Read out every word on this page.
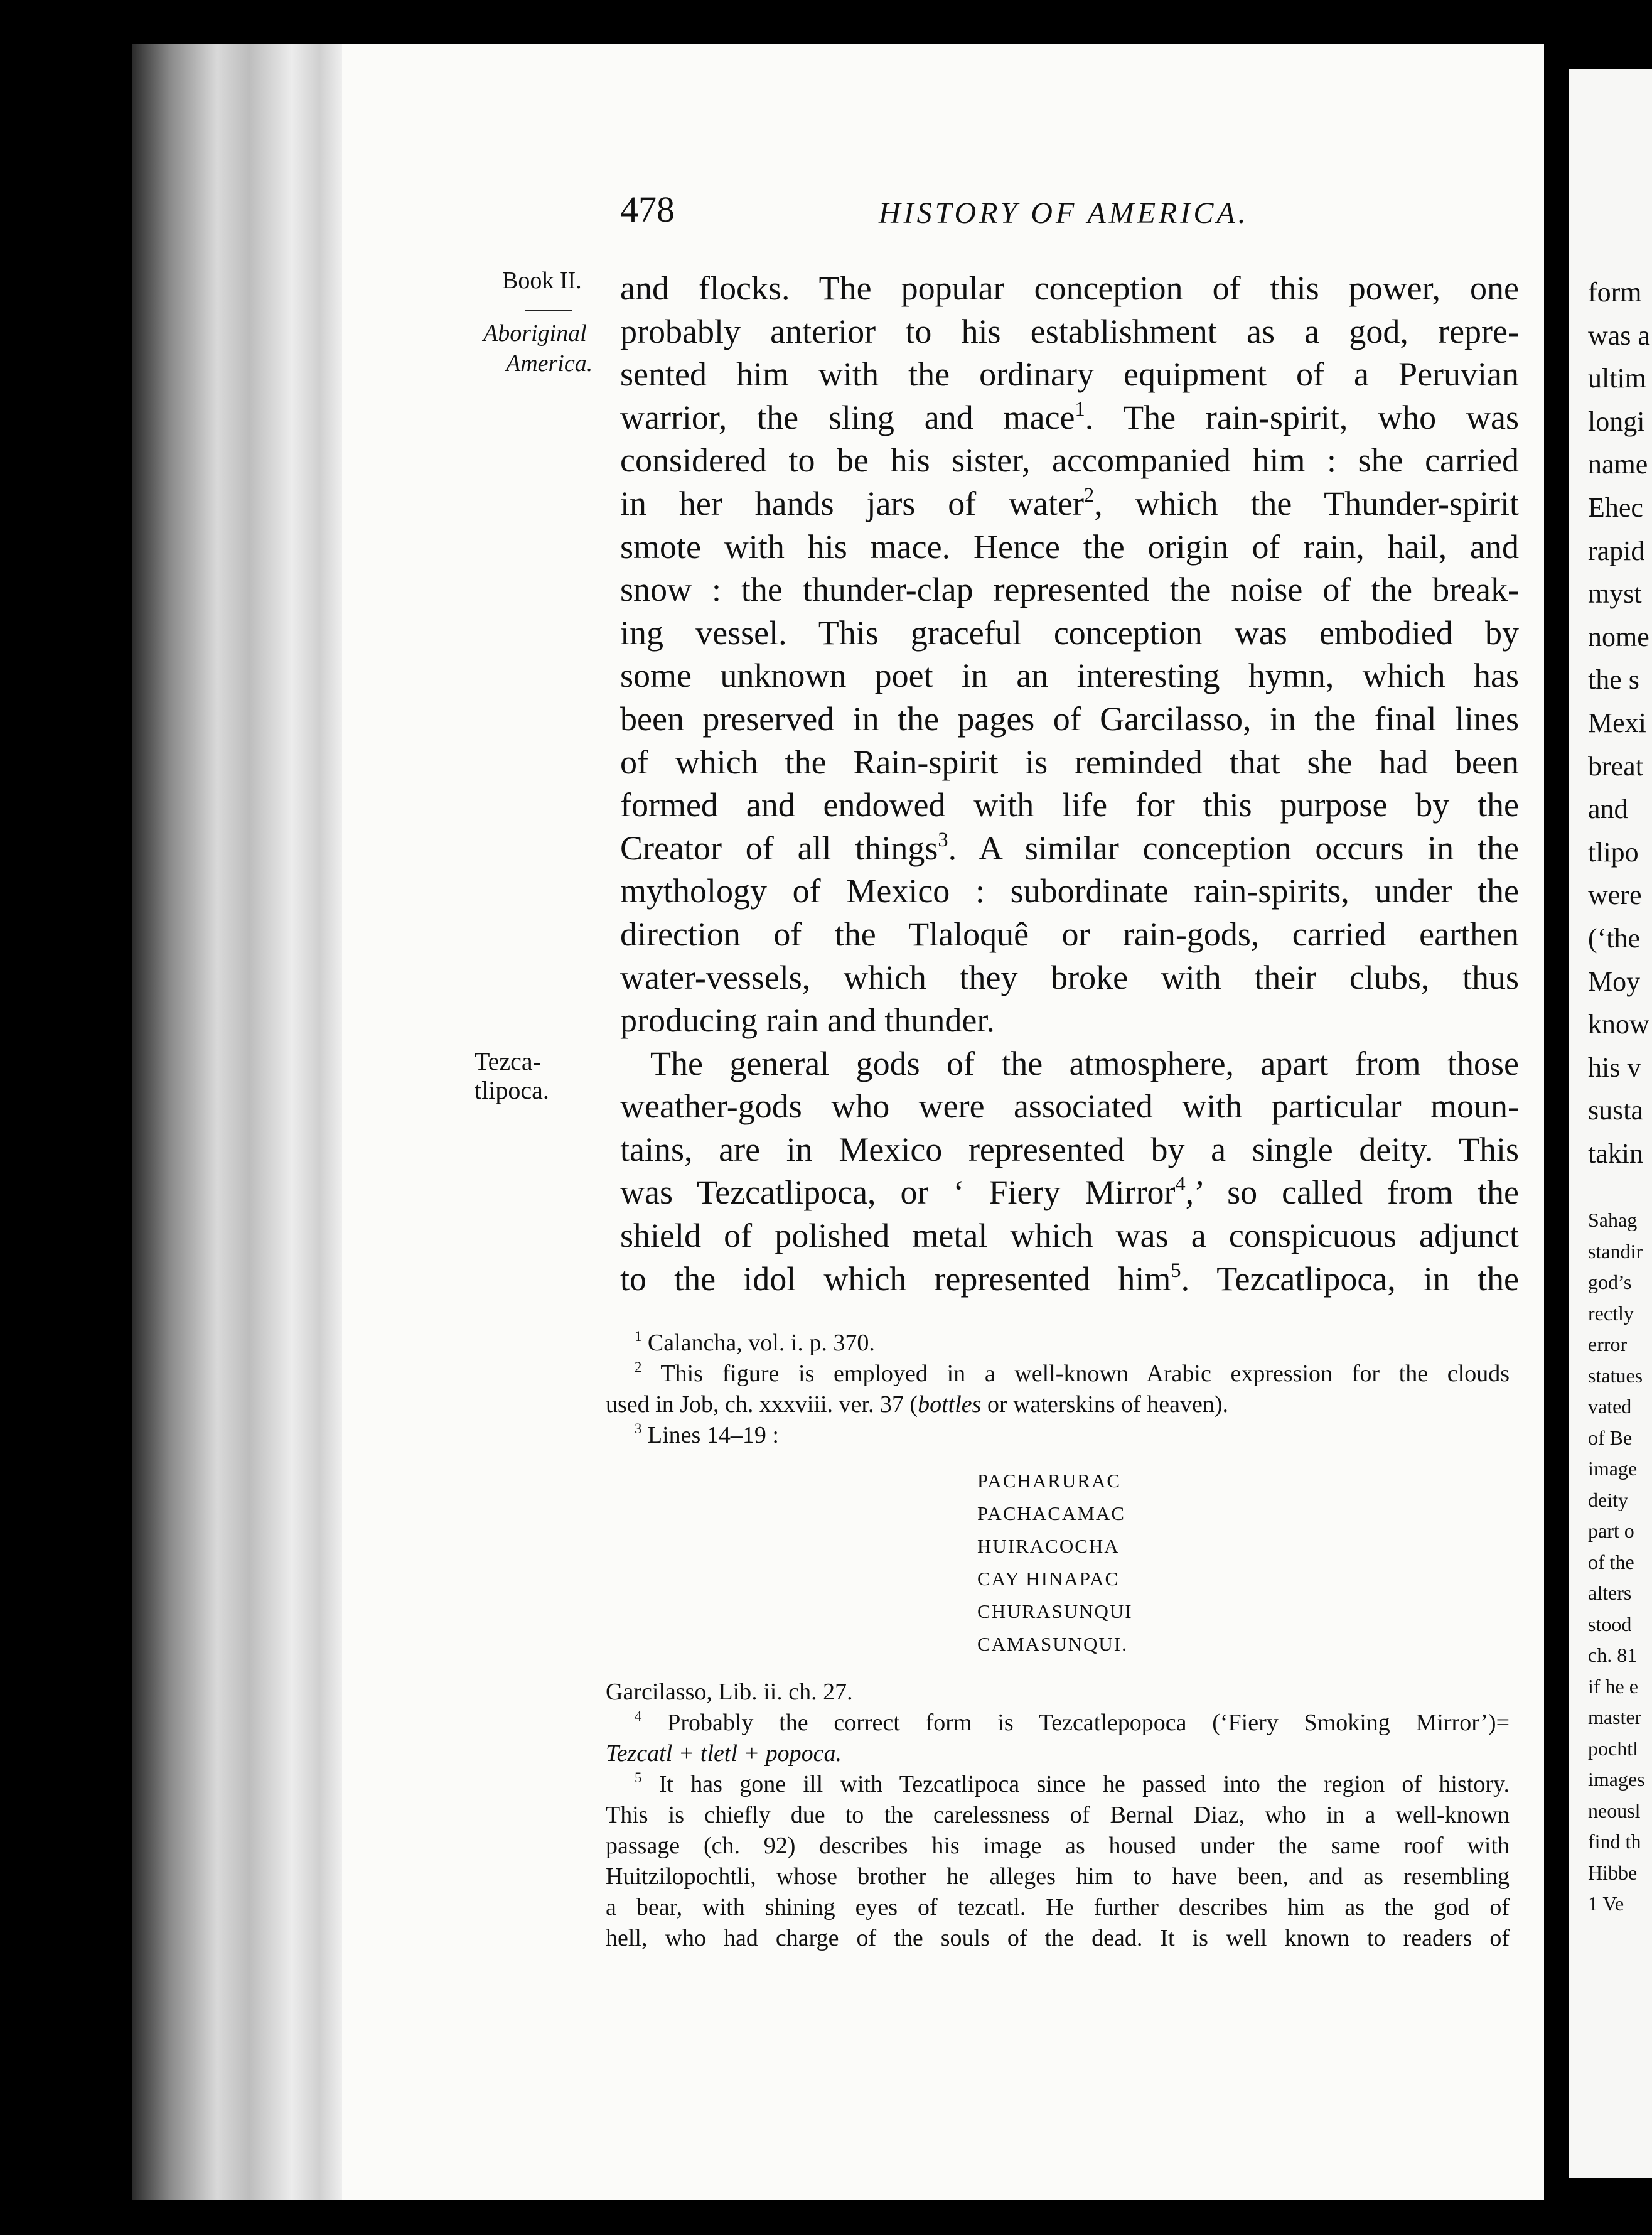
478	HISTORY OF AMERICA.
Book II.
Aboriginal
America.
Tezca-
tlipoca.
and flocks. The popular conception of this power, one
probably anterior to his establishment as a god, repre-
sented him with the ordinary equipment of a Peruvian
warrior, the sling and mace$^1$. The rain-spirit, who was
considered to be his sister, accompanied him : she carried
in her hands jars of water$^2$, which the Thunder-spirit
smote with his mace. Hence the origin of rain, hail, and
snow : the thunder-clap represented the noise of the break-
ing vessel. This graceful conception was embodied by
some unknown poet in an interesting hymn, which has
been preserved in the pages of Garcilasso, in the final lines
of which the Rain-spirit is reminded that she had been
formed and endowed with life for this purpose by the
Creator of all things$^3$. A similar conception occurs in the
mythology of Mexico : subordinate rain-spirits, under the
direction of the Tlaloquê or rain-gods, carried earthen
water-vessels, which they broke with their clubs, thus
producing rain and thunder.
The general gods of the atmosphere, apart from those
weather-gods who were associated with particular moun-
tains, are in Mexico represented by a single deity. This
was Tezcatlipoca, or ‘ Fiery Mirror$^4$,’ so called from the
shield of polished metal which was a conspicuous adjunct
to the idol which represented him$^5$. Tezcatlipoca, in the
$^1$ Calancha, vol. i. p. 370.
$^2$ This figure is employed in a well-known Arabic expression for the clouds
used in Job, ch. xxxviii. ver. 37 (bottles or waterskins of heaven).
$^3$ Lines 14–19 :
PACHARURAC
PACHACAMAC
HUIRACOCHA
CAY HINAPAC
CHURASUNQUI
CAMASUNQUI.
Garcilasso, Lib. ii. ch. 27.
$^4$ Probably the correct form is Tezcatlepopoca (‘Fiery Smoking Mirror’)=
Tezcatl + tletl + popoca.
$^5$ It has gone ill with Tezcatlipoca since he passed into the region of history.
This is chiefly due to the carelessness of Bernal Diaz, who in a well-known
passage (ch. 92) describes his image as housed under the same roof with
Huitzilopochtli, whose brother he alleges him to have been, and as resembling
a bear, with shining eyes of tezcatl. He further describes him as the god of
hell, who had charge of the souls of the dead. It is well known to readers of
form
was a
ultim
longi
name
Ehec
rapid
myst
nome
the s
Mexi
breat
and
tlipo
were
(‘the
Moy
know
his v
susta
takin
Sahag
standir
god’s
rectly
error
statues
vated
of Be
image
deity
part o
of the
alters
stood
ch. 81
if he e
master
pochtl
images
neousl
find th
Hibbe
1 Ve
